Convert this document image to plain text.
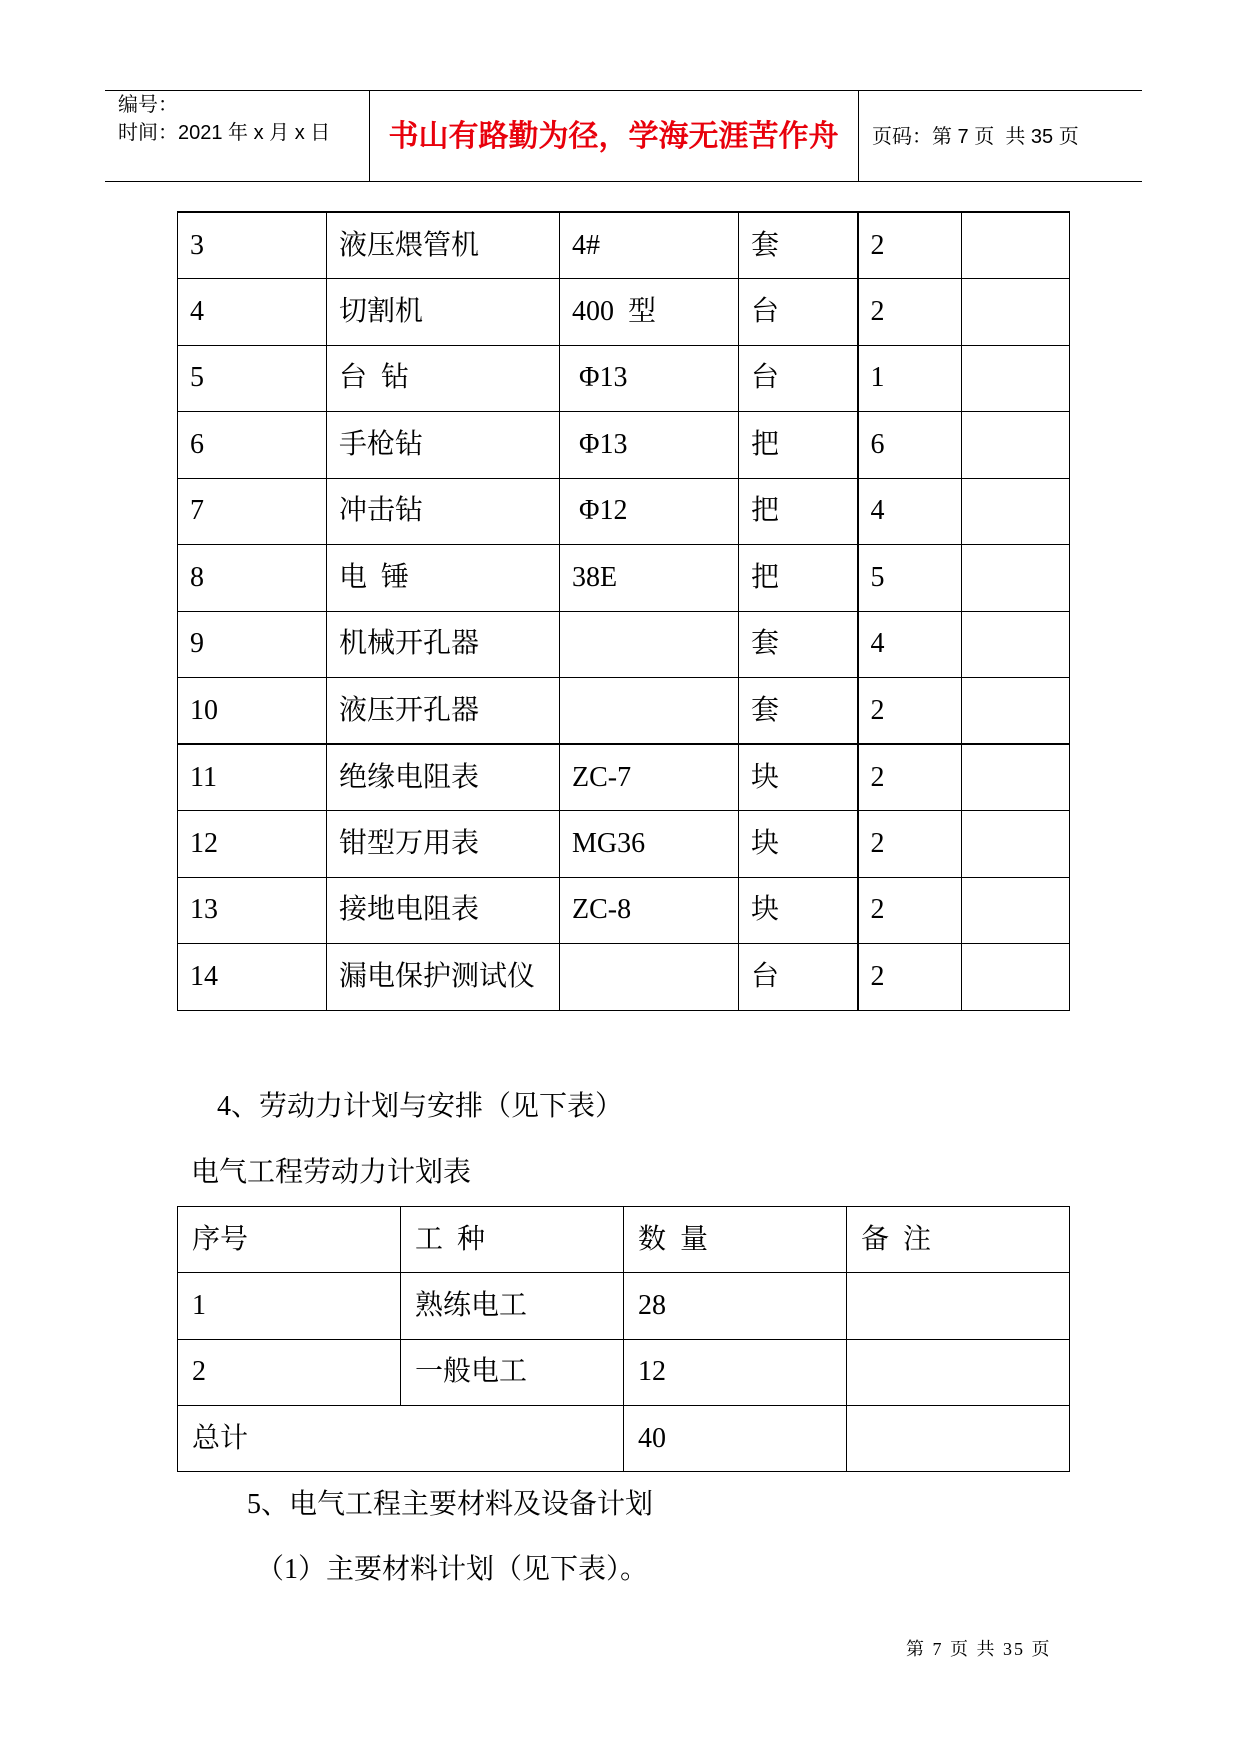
编号：
时间：2021 年 x 月 x 日	书山有路勤为径，学海无涯苦作舟	页码：第 7 页  共 35 页
3	液压煨管机	4#	套	2	
4	切割机	400  型	台	2	
5	台  钻	Φ13	台	1	
6	手枪钻	Φ13	把	6	
7	冲击钻	Φ12	把	4	
8	电  锤	38E	把	5	
9	机械开孔器		套	4	
10	液压开孔器		套	2	
11	绝缘电阻表	ZC-7	块	2	
12	钳型万用表	MG36	块	2	
13	接地电阻表	ZC-8	块	2	
14	漏电保护测试仪		台	2	
4、劳动力计划与安排（见下表）
电气工程劳动力计划表
序号	工  种	数  量	备  注
1	熟练电工	28	
2	一般电工	12	
总计		40	
5、电气工程主要材料及设备计划
（1）主要材料计划（见下表）。
第 7 页 共 35 页
